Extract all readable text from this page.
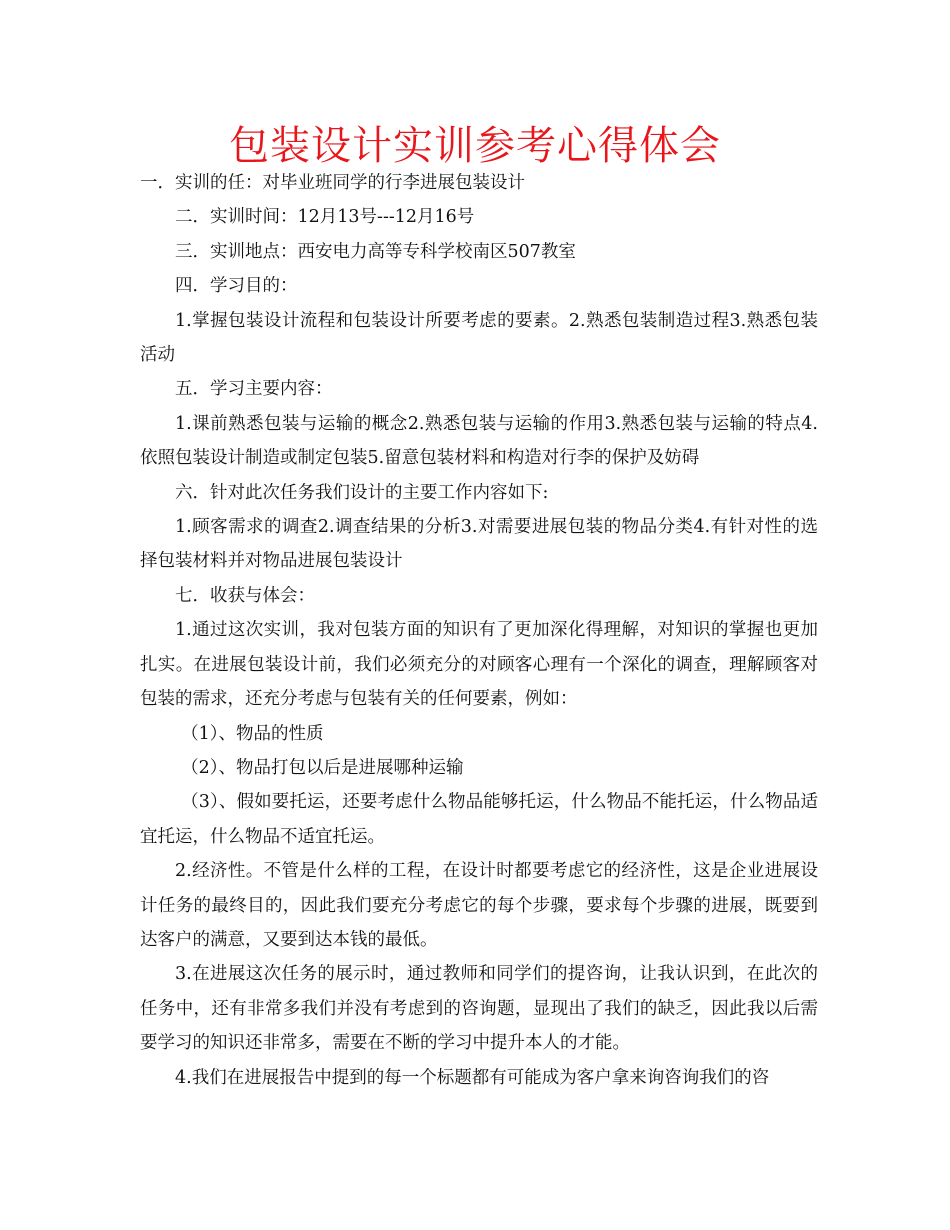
包装设计实训参考心得体会

一．实训的任：对毕业班同学的行李进展包装设计

二．实训时间：12月13号---12月16号

三．实训地点：西安电力高等专科学校南区507教室

四．学习目的：

1.掌握包装设计流程和包装设计所要考虑的要素。2.熟悉包装制造过程3.熟悉包装活动

五．学习主要内容：

1.课前熟悉包装与运输的概念2.熟悉包装与运输的作用3.熟悉包装与运输的特点4.依照包装设计制造或制定包装5.留意包装材料和构造对行李的保护及妨碍

六．针对此次任务我们设计的主要工作内容如下:

1.顾客需求的调查2.调查结果的分析3.对需要进展包装的物品分类4.有针对性的选择包装材料并对物品进展包装设计

七．收获与体会：

1.通过这次实训，我对包装方面的知识有了更加深化得理解，对知识的掌握也更加扎实。在进展包装设计前，我们必须充分的对顾客心理有一个深化的调查，理解顾客对包装的需求，还充分考虑与包装有关的任何要素，例如：

（1）、物品的性质

（2）、物品打包以后是进展哪种运输

（3）、假如要托运，还要考虑什么物品能够托运，什么物品不能托运，什么物品适宜托运，什么物品不适宜托运。

2.经济性。不管是什么样的工程，在设计时都要考虑它的经济性，这是企业进展设计任务的最终目的，因此我们要充分考虑它的每个步骤，要求每个步骤的进展，既要到达客户的满意，又要到达本钱的最低。

3.在进展这次任务的展示时，通过教师和同学们的提咨询，让我认识到，在此次的任务中，还有非常多我们并没有考虑到的咨询题，显现出了我们的缺乏，因此我以后需要学习的知识还非常多，需要在不断的学习中提升本人的才能。

4.我们在进展报告中提到的每一个标题都有可能成为客户拿来询咨询我们的咨
